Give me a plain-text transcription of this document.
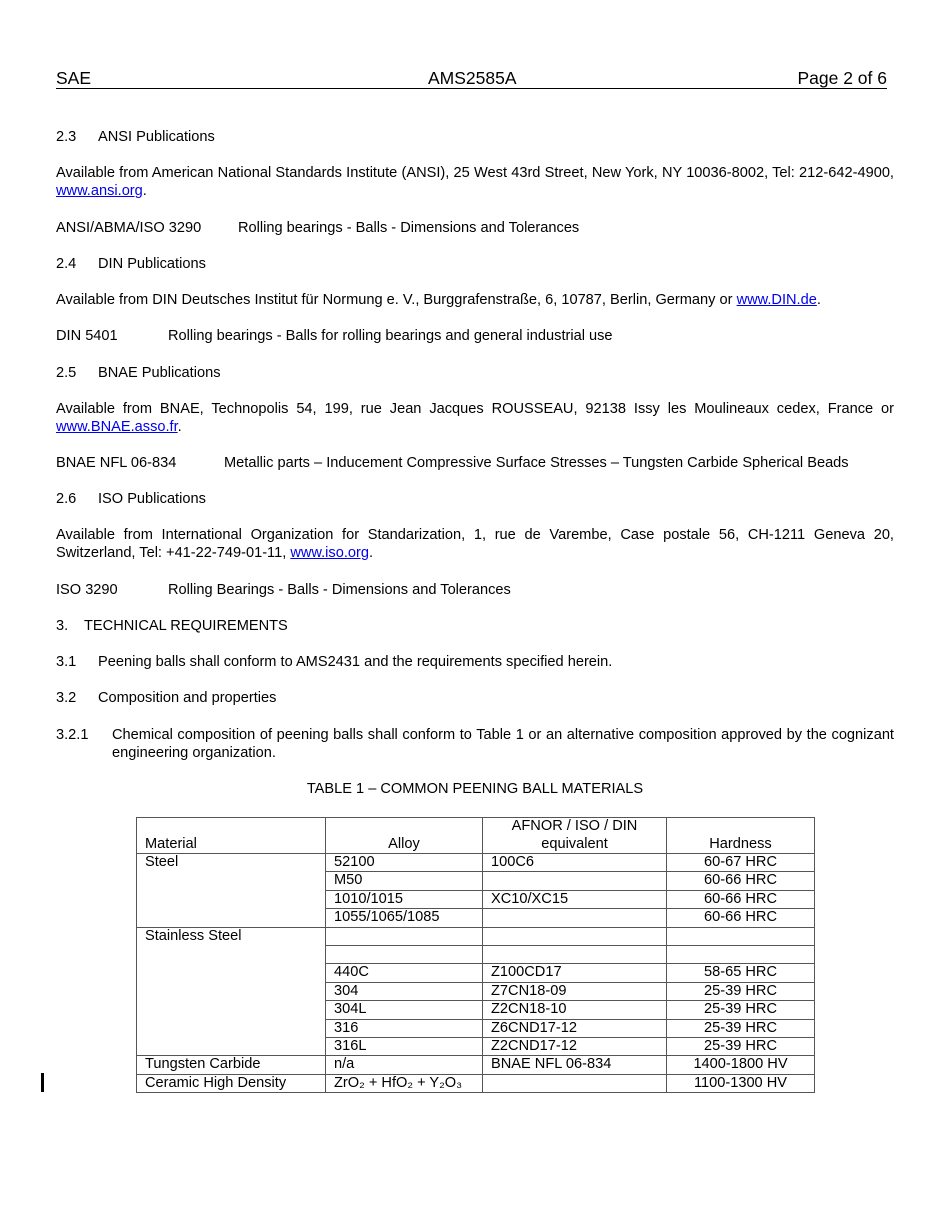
SAE	AMS2585A	Page 2 of 6
2.3 ANSI Publications
Available from American National Standards Institute (ANSI), 25 West 43rd Street, New York, NY 10036-8002, Tel: 212-642-4900, www.ansi.org.
ANSI/ABMA/ISO 3290	Rolling bearings - Balls - Dimensions and Tolerances
2.4 DIN Publications
Available from DIN Deutsches Institut für Normung e. V., Burggrafenstraße, 6, 10787, Berlin, Germany or www.DIN.de.
DIN 5401	Rolling bearings - Balls for rolling bearings and general industrial use
2.5 BNAE Publications
Available from BNAE, Technopolis 54, 199, rue Jean Jacques ROUSSEAU, 92138 Issy les Moulineaux cedex, France or www.BNAE.asso.fr.
BNAE NFL 06-834	Metallic parts – Inducement Compressive Surface Stresses – Tungsten Carbide Spherical Beads
2.6 ISO Publications
Available from International Organization for Standarization, 1, rue de Varembe, Case postale 56, CH-1211 Geneva 20, Switzerland, Tel: +41-22-749-01-11, www.iso.org.
ISO 3290	Rolling Bearings - Balls - Dimensions and Tolerances
3. TECHNICAL REQUIREMENTS
3.1 Peening balls shall conform to AMS2431 and the requirements specified herein.
3.2 Composition and properties
3.2.1 Chemical composition of peening balls shall conform to Table 1 or an alternative composition approved by the cognizant engineering organization.
TABLE 1 – COMMON PEENING BALL MATERIALS
Material	Alloy	AFNOR / ISO / DIN equivalent	Hardness
Steel	52100	100C6	60-67 HRC
	M50		60-66 HRC
	1010/1015	XC10/XC15	60-66 HRC
	1055/1065/1085		60-66 HRC
Stainless Steel			

	440C	Z100CD17	58-65 HRC
	304	Z7CN18-09	25-39 HRC
	304L	Z2CN18-10	25-39 HRC
	316	Z6CND17-12	25-39 HRC
	316L	Z2CND17-12	25-39 HRC
Tungsten Carbide	n/a	BNAE NFL 06-834	1400-1800 HV
Ceramic High Density	ZrO₂ + HfO₂ + Y₂O₃		1100-1300 HV
